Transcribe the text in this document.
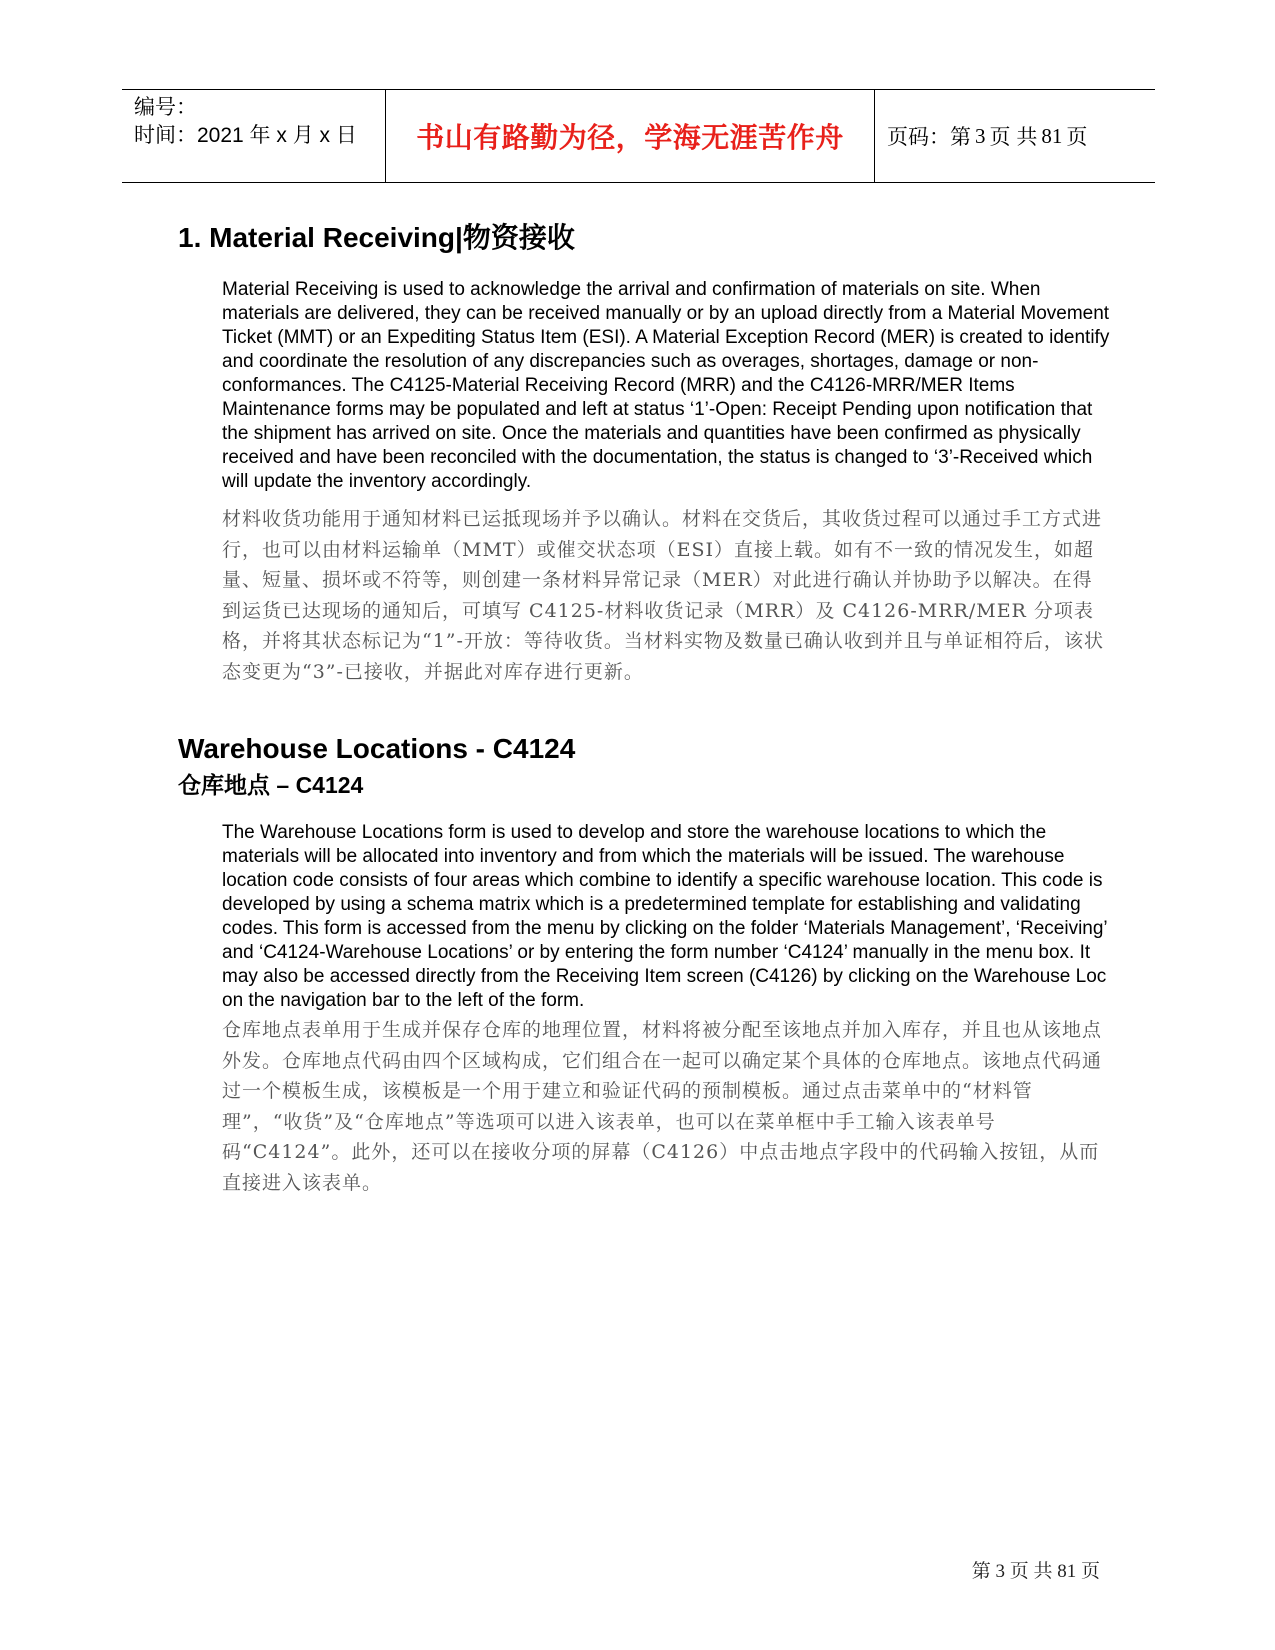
编号：
时间：2021 年 x 月 x 日	书山有路勤为径，学海无涯苦作舟	页码：第 3 页 共 81 页
1. Material Receiving|物资接收
Material Receiving is used to acknowledge the arrival and confirmation of materials on site. When materials are delivered, they can be received manually or by an upload directly from a Material Movement Ticket (MMT) or an Expediting Status Item (ESI). A Material Exception Record (MER) is created to identify and coordinate the resolution of any discrepancies such as overages, shortages, damage or non-conformances. The C4125-Material Receiving Record (MRR) and the C4126-MRR/MER Items Maintenance forms may be populated and left at status ‘1’-Open: Receipt Pending upon notification that the shipment has arrived on site. Once the materials and quantities have been confirmed as physically received and have been reconciled with the documentation, the status is changed to ‘3’-Received which will update the inventory accordingly.
材料收货功能用于通知材料已运抵现场并予以确认。材料在交货后，其收货过程可以通过手工方式进行，也可以由材料运输单（MMT）或催交状态项（ESI）直接上载。如有不一致的情况发生，如超量、短量、损坏或不符等，则创建一条材料异常记录（MER）对此进行确认并协助予以解决。在得到运货已达现场的通知后，可填写 C4125-材料收货记录（MRR）及 C4126-MRR/MER 分项表格，并将其状态标记为“1”-开放：等待收货。当材料实物及数量已确认收到并且与单证相符后，该状态变更为“3”-已接收，并据此对库存进行更新。
Warehouse Locations - C4124
仓库地点 – C4124
The Warehouse Locations form is used to develop and store the warehouse locations to which the materials will be allocated into inventory and from which the materials will be issued. The warehouse location code consists of four areas which combine to identify a specific warehouse location. This code is developed by using a schema matrix which is a predetermined template for establishing and validating codes. This form is accessed from the menu by clicking on the folder ‘Materials Management’, ‘Receiving’ and ‘C4124-Warehouse Locations’ or by entering the form number ‘C4124’ manually in the menu box. It may also be accessed directly from the Receiving Item screen (C4126) by clicking on the Warehouse Loc on the navigation bar to the left of the form.
仓库地点表单用于生成并保存仓库的地理位置，材料将被分配至该地点并加入库存，并且也从该地点外发。仓库地点代码由四个区域构成，它们组合在一起可以确定某个具体的仓库地点。该地点代码通过一个模板生成，该模板是一个用于建立和验证代码的预制模板。通过点击菜单中的“材料管理”，“收货”及“仓库地点”等选项可以进入该表单，也可以在菜单框中手工输入该表单号码“C4124”。此外，还可以在接收分项的屏幕（C4126）中点击地点字段中的代码输入按钮，从而直接进入该表单。
第 3 页 共 81 页
